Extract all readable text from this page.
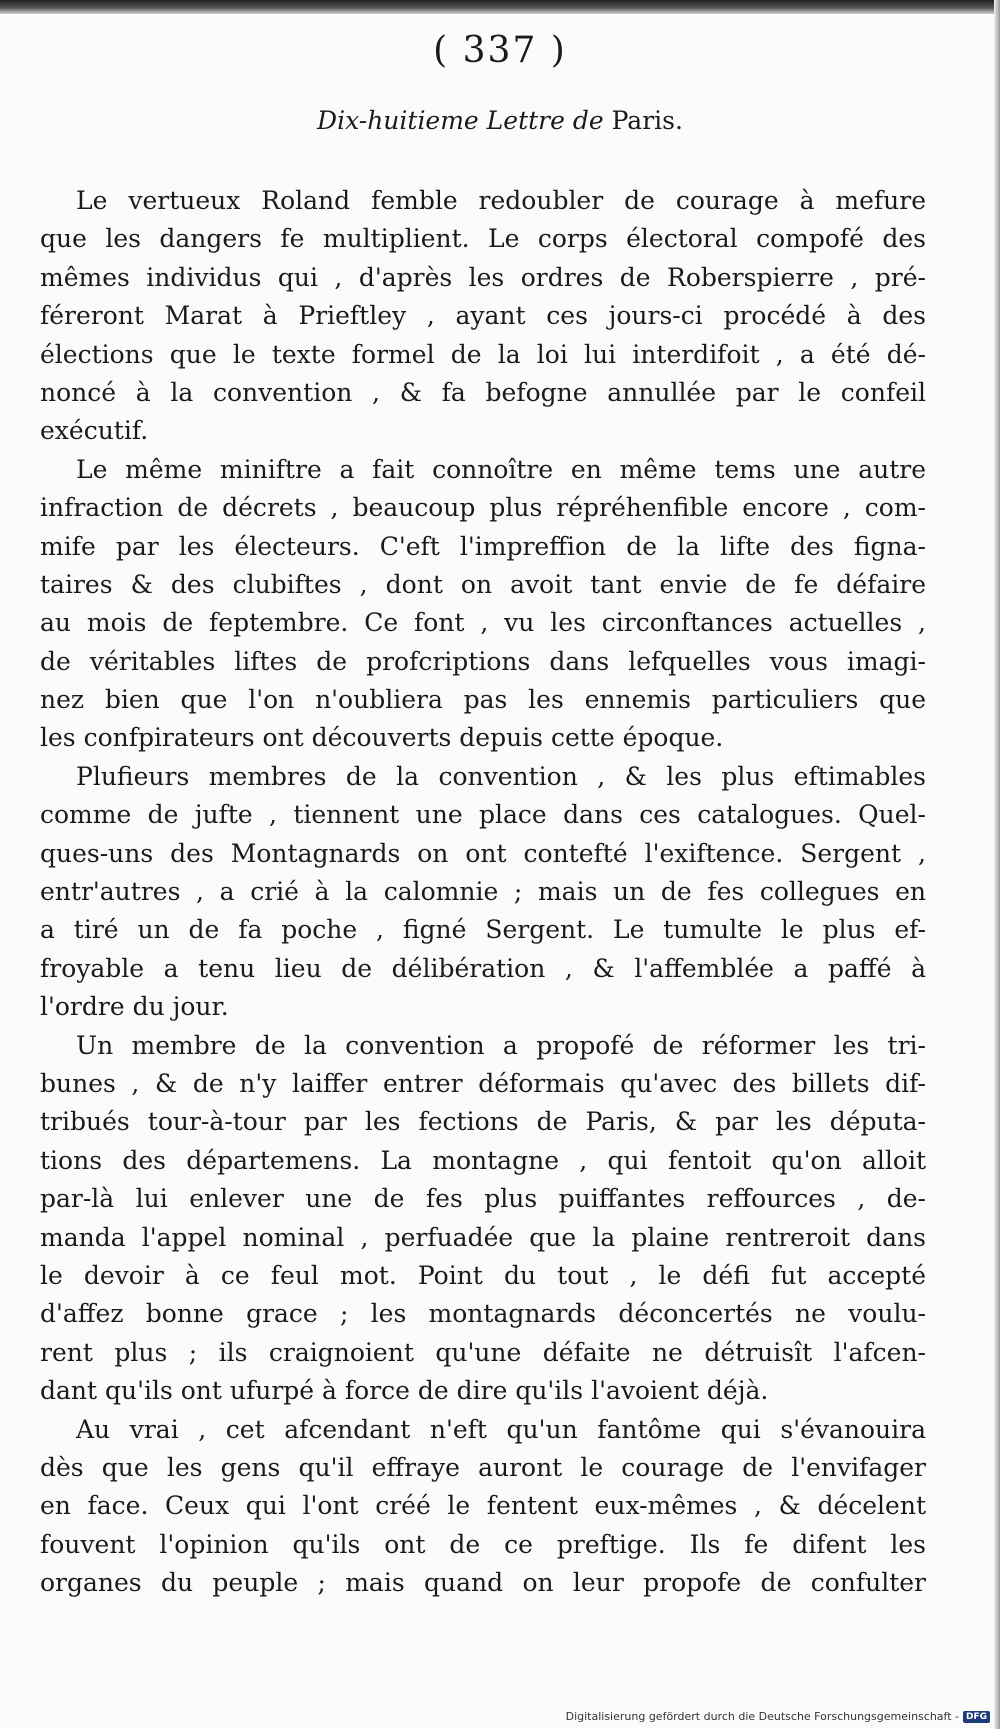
( 337 )
Dix-huitieme Lettre de Paris.
Le vertueux Roland femble redoubler de courage à mefure
que les dangers fe multiplient. Le corps électoral compofé des
mêmes individus qui , d'après les ordres de Roberspierre , pré-
féreront Marat à Prieftley , ayant ces jours-ci procédé à des
élections que le texte formel de la loi lui interdifoit , a été dé-
noncé à la convention , & fa befogne annullée par le confeil
exécutif.
Le même miniftre a fait connoître en même tems une autre
infraction de décrets , beaucoup plus répréhenfible encore , com-
mife par les électeurs. C'eft l'impreffion de la lifte des figna-
taires & des clubiftes , dont on avoit tant envie de fe défaire
au mois de feptembre. Ce font , vu les circonftances actuelles ,
de véritables liftes de profcriptions dans lefquelles vous imagi-
nez bien que l'on n'oubliera pas les ennemis particuliers que
les confpirateurs ont découverts depuis cette époque.
Plufieurs membres de la convention , & les plus eftimables
comme de jufte , tiennent une place dans ces catalogues. Quel-
ques-uns des Montagnards on ont contefté l'exiftence. Sergent ,
entr'autres , a crié à la calomnie ; mais un de fes collegues en
a tiré un de fa poche , figné Sergent. Le tumulte le plus ef-
froyable a tenu lieu de délibération , & l'affemblée a paffé à
l'ordre du jour.
Un membre de la convention a propofé de réformer les tri-
bunes , & de n'y laiffer entrer déformais qu'avec des billets dif-
tribués tour-à-tour par les fections de Paris, & par les députa-
tions des départemens. La montagne , qui fentoit qu'on alloit
par-là lui enlever une de fes plus puiffantes reffources , de-
manda l'appel nominal , perfuadée que la plaine rentreroit dans
le devoir à ce feul mot. Point du tout , le défi fut accepté
d'affez bonne grace ; les montagnards déconcertés ne voulu-
rent plus ; ils craignoient qu'une défaite ne détruisît l'afcen-
dant qu'ils ont ufurpé à force de dire qu'ils l'avoient déjà.
Au vrai , cet afcendant n'eft qu'un fantôme qui s'évanouira
dès que les gens qu'il effraye auront le courage de l'envifager
en face. Ceux qui l'ont créé le fentent eux-mêmes , & décelent
fouvent l'opinion qu'ils ont de ce preftige. Ils fe difent les
organes du peuple ; mais quand on leur propofe de confulter
Digitalisierung gefördert durch die Deutsche Forschungsgemeinschaft - DFG
